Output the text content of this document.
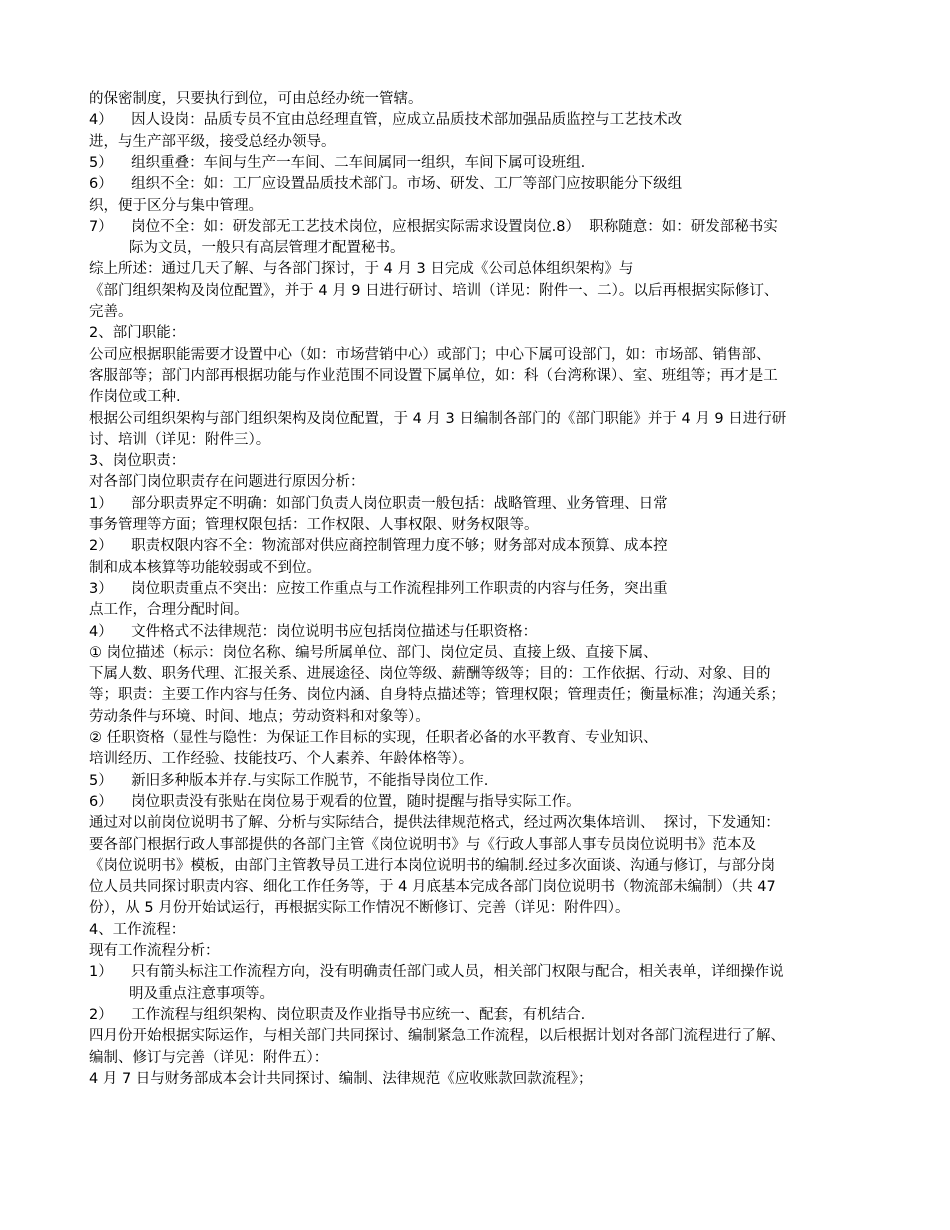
的保密制度，只要执行到位，可由总经办统一管辖。
4）    因人设岗：品质专员不宜由总经理直管，应成立品质技术部加强品质监控与工艺技术改
进，与生产部平级，接受总经办领导。
5）    组织重叠：车间与生产一车间、二车间属同一组织，车间下属可设班组.
6）    组织不全：如：工厂应设置品质技术部门。市场、研发、工厂等部门应按职能分下级组
织，便于区分与集中管理。
7）    岗位不全：如：研发部无工艺技术岗位，应根据实际需求设置岗位.8）  职称随意：如：研发部秘书实
际为文员，一般只有高层管理才配置秘书。
综上所述：通过几天了解、与各部门探讨，于 4 月 3 日完成《公司总体组织架构》与
《部门组织架构及岗位配置》，并于 4 月 9 日进行研讨、培训（详见：附件一、二）。以后再根据实际修订、
完善。
2、部门职能：
公司应根据职能需要才设置中心（如：市场营销中心）或部门；中心下属可设部门，如：市场部、销售部、
客服部等；部门内部再根据功能与作业范围不同设置下属单位，如：科（台湾称课）、室、班组等；再才是工
作岗位或工种.
根据公司组织架构与部门组织架构及岗位配置，于 4 月 3 日编制各部门的《部门职能》并于 4 月 9 日进行研
讨、培训（详见：附件三）。
3、岗位职责：
对各部门岗位职责存在问题进行原因分析：
1）    部分职责界定不明确：如部门负责人岗位职责一般包括：战略管理、业务管理、日常
事务管理等方面；管理权限包括：工作权限、人事权限、财务权限等。
2）    职责权限内容不全：物流部对供应商控制管理力度不够；财务部对成本预算、成本控
制和成本核算等功能较弱或不到位。
3）    岗位职责重点不突出：应按工作重点与工作流程排列工作职责的内容与任务，突出重
点工作，合理分配时间。
4）    文件格式不法律规范：岗位说明书应包括岗位描述与任职资格：
① 岗位描述（标示：岗位名称、编号所属单位、部门、岗位定员、直接上级、直接下属、
下属人数、职务代理、汇报关系、进展途径、岗位等级、薪酬等级等；目的：工作依据、行动、对象、目的
等；职责：主要工作内容与任务、岗位内涵、自身特点描述等；管理权限；管理责任；衡量标准；沟通关系；
劳动条件与环境、时间、地点；劳动资料和对象等）。
② 任职资格（显性与隐性：为保证工作目标的实现，任职者必备的水平教育、专业知识、
培训经历、工作经验、技能技巧、个人素养、年龄体格等）。
5）    新旧多种版本并存.与实际工作脱节，不能指导岗位工作.
6）    岗位职责没有张贴在岗位易于观看的位置，随时提醒与指导实际工作。
通过对以前岗位说明书了解、分析与实际结合，提供法律规范格式，经过两次集体培训、  探讨，下发通知：
要各部门根据行政人事部提供的各部门主管《岗位说明书》与《行政人事部人事专员岗位说明书》范本及
《岗位说明书》模板，由部门主管教导员工进行本岗位说明书的编制.经过多次面谈、沟通与修订，与部分岗
位人员共同探讨职责内容、细化工作任务等，于 4 月底基本完成各部门岗位说明书（物流部未编制）（共 47
份），从 5 月份开始试运行，再根据实际工作情况不断修订、完善（详见：附件四）。
4、工作流程：
现有工作流程分析：
1）    只有箭头标注工作流程方向，没有明确责任部门或人员，相关部门权限与配合，相关表单，详细操作说
明及重点注意事项等。
2）    工作流程与组织架构、岗位职责及作业指导书应统一、配套，有机结合.
四月份开始根据实际运作，与相关部门共同探讨、编制紧急工作流程，以后根据计划对各部门流程进行了解、
编制、修订与完善（详见：附件五）：
4 月 7 日与财务部成本会计共同探讨、编制、法律规范《应收账款回款流程》；
